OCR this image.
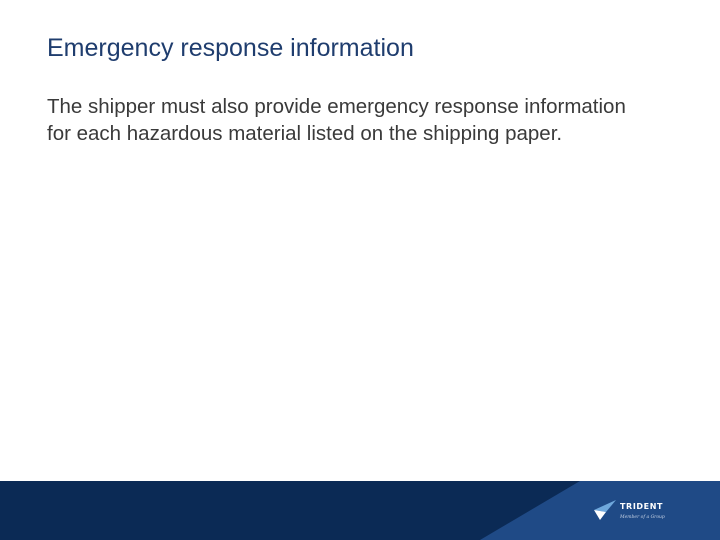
Emergency response information
The shipper must also provide emergency response information for each hazardous material listed on the shipping paper.
TRIDENT
Member of a Group
